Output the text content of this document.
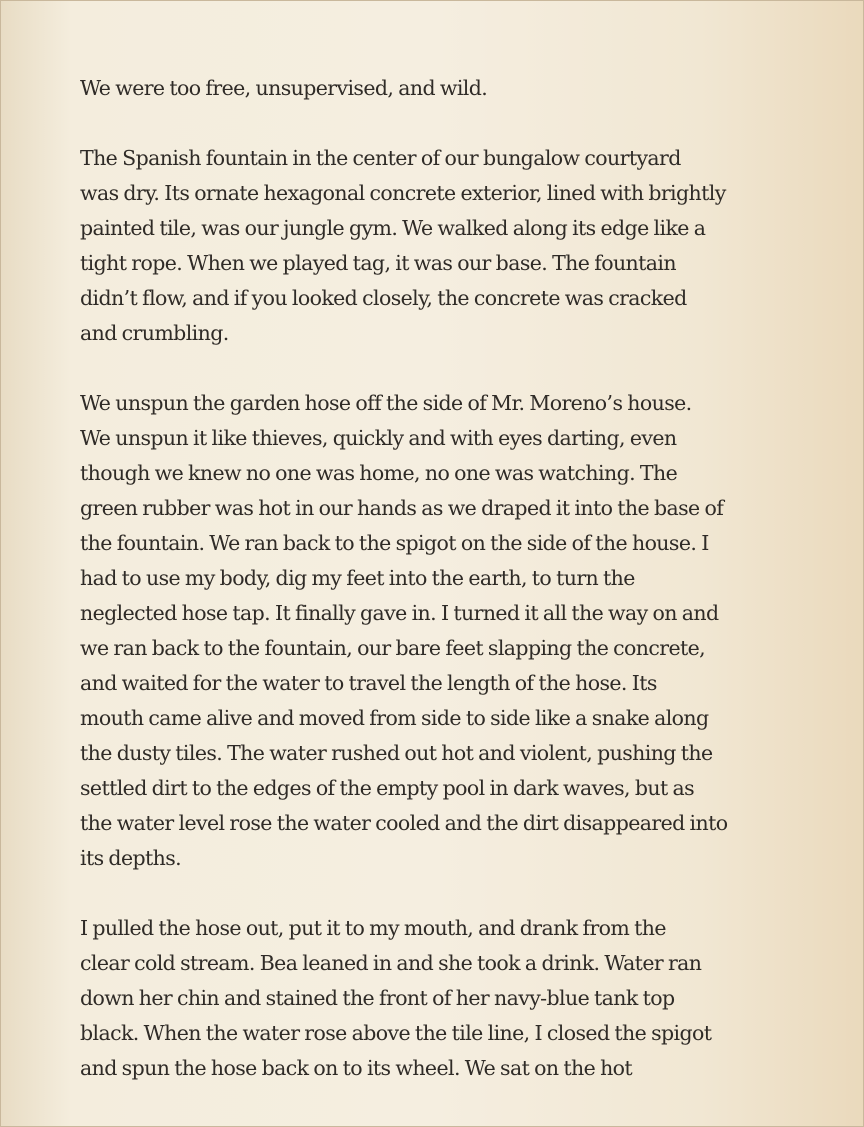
We were too free, unsupervised, and wild.
The Spanish fountain in the center of our bungalow courtyard
was dry. Its ornate hexagonal concrete exterior, lined with brightly
painted tile, was our jungle gym. We walked along its edge like a
tight rope. When we played tag, it was our base. The fountain
didn’t flow, and if you looked closely, the concrete was cracked
and crumbling.
We unspun the garden hose off the side of Mr. Moreno’s house.
We unspun it like thieves, quickly and with eyes darting, even
though we knew no one was home, no one was watching. The
green rubber was hot in our hands as we draped it into the base of
the fountain. We ran back to the spigot on the side of the house. I
had to use my body, dig my feet into the earth, to turn the
neglected hose tap. It finally gave in. I turned it all the way on and
we ran back to the fountain, our bare feet slapping the concrete,
and waited for the water to travel the length of the hose. Its
mouth came alive and moved from side to side like a snake along
the dusty tiles. The water rushed out hot and violent, pushing the
settled dirt to the edges of the empty pool in dark waves, but as
the water level rose the water cooled and the dirt disappeared into
its depths.
I pulled the hose out, put it to my mouth, and drank from the
clear cold stream. Bea leaned in and she took a drink. Water ran
down her chin and stained the front of her navy-blue tank top
black. When the water rose above the tile line, I closed the spigot
and spun the hose back on to its wheel. We sat on the hot
